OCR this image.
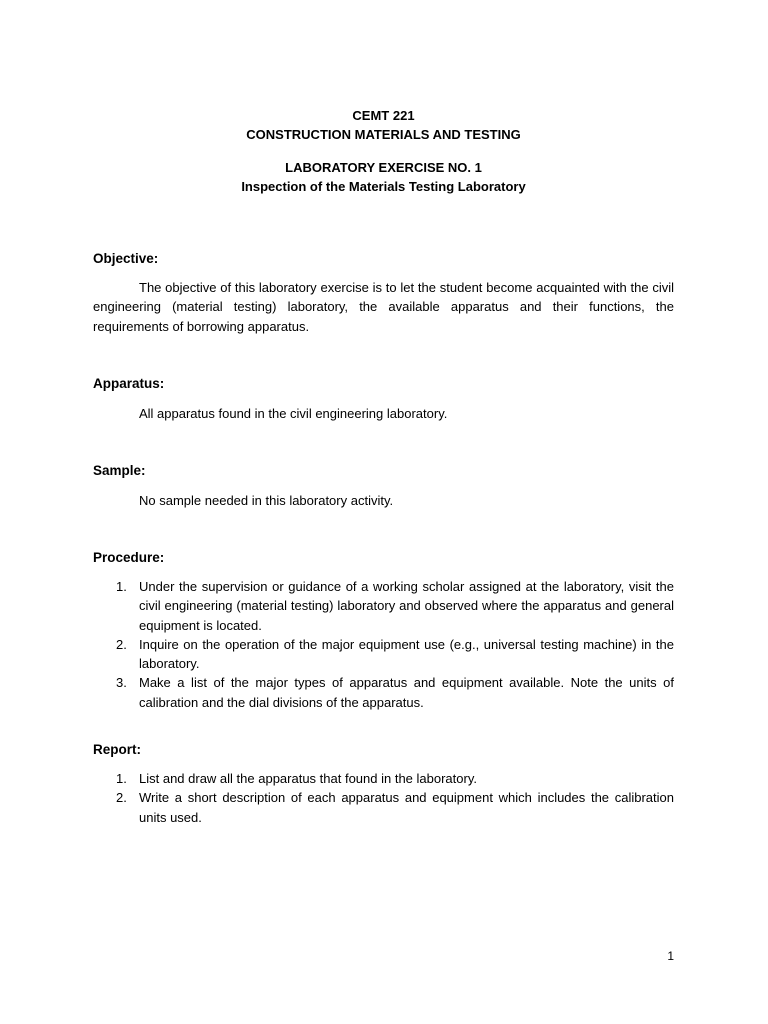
CEMT 221
CONSTRUCTION MATERIALS AND TESTING
LABORATORY EXERCISE NO. 1
Inspection of the Materials Testing Laboratory
Objective:
The objective of this laboratory exercise is to let the student become acquainted with the civil engineering (material testing) laboratory, the available apparatus and their functions, the requirements of borrowing apparatus.
Apparatus:
All apparatus found in the civil engineering laboratory.
Sample:
No sample needed in this laboratory activity.
Procedure:
1. Under the supervision or guidance of a working scholar assigned at the laboratory, visit the civil engineering (material testing) laboratory and observed where the apparatus and general equipment is located.
2. Inquire on the operation of the major equipment use (e.g., universal testing machine) in the laboratory.
3. Make a list of the major types of apparatus and equipment available. Note the units of calibration and the dial divisions of the apparatus.
Report:
1. List and draw all the apparatus that found in the laboratory.
2. Write a short description of each apparatus and equipment which includes the calibration units used.
1
